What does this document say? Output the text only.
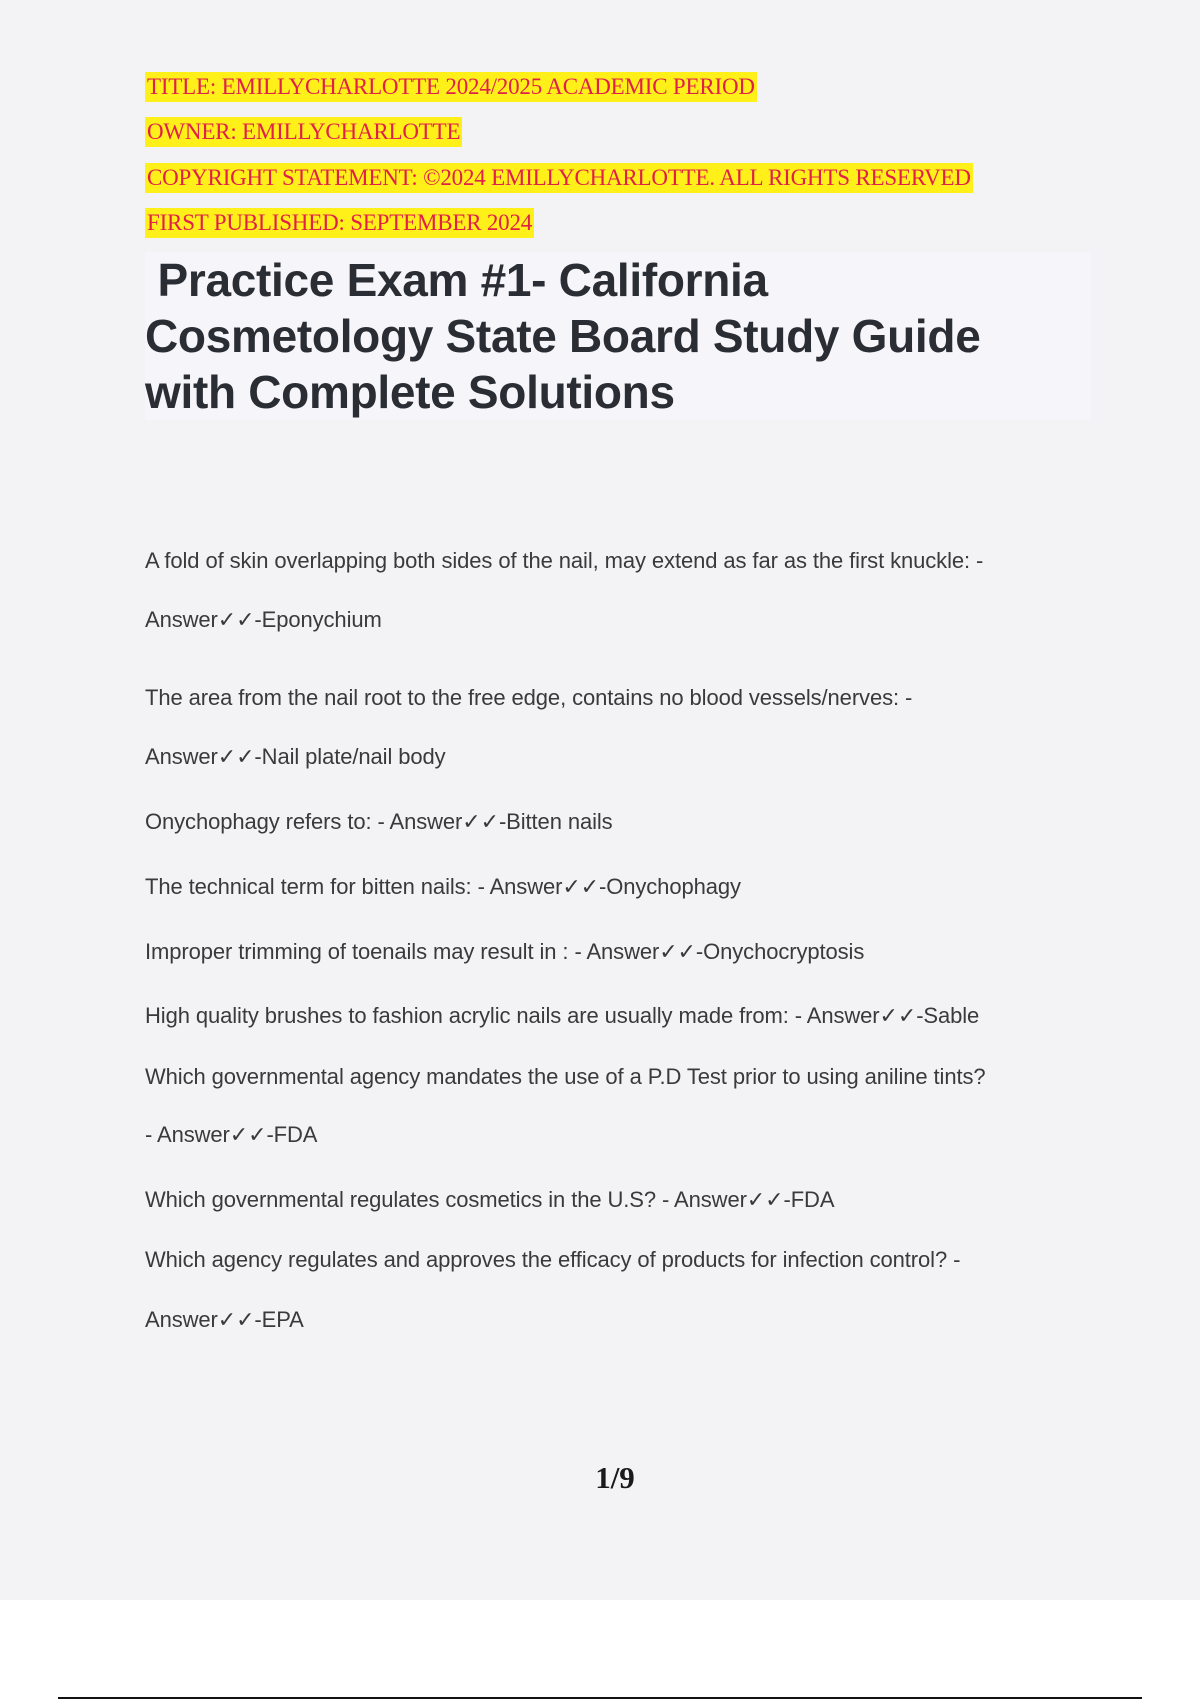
TITLE: EMILLYCHARLOTTE 2024/2025 ACADEMIC PERIOD
OWNER: EMILLYCHARLOTTE
COPYRIGHT STATEMENT: ©2024 EMILLYCHARLOTTE. ALL RIGHTS RESERVED
FIRST PUBLISHED: SEPTEMBER 2024
Practice Exam #1- California
Cosmetology State Board Study Guide
with Complete Solutions
A fold of skin overlapping both sides of the nail, may extend as far as the first knuckle: -
Answer✓✓-Eponychium
The area from the nail root to the free edge, contains no blood vessels/nerves: -
Answer✓✓-Nail plate/nail body
Onychophagy refers to: - Answer✓✓-Bitten nails
The technical term for bitten nails: - Answer✓✓-Onychophagy
Improper trimming of toenails may result in : - Answer✓✓-Onychocryptosis
High quality brushes to fashion acrylic nails are usually made from: - Answer✓✓-Sable
Which governmental agency mandates the use of a P.D Test prior to using aniline tints?
- Answer✓✓-FDA
Which governmental regulates cosmetics in the U.S? - Answer✓✓-FDA
Which agency regulates and approves the efficacy of products for infection control? -
Answer✓✓-EPA
1/9
